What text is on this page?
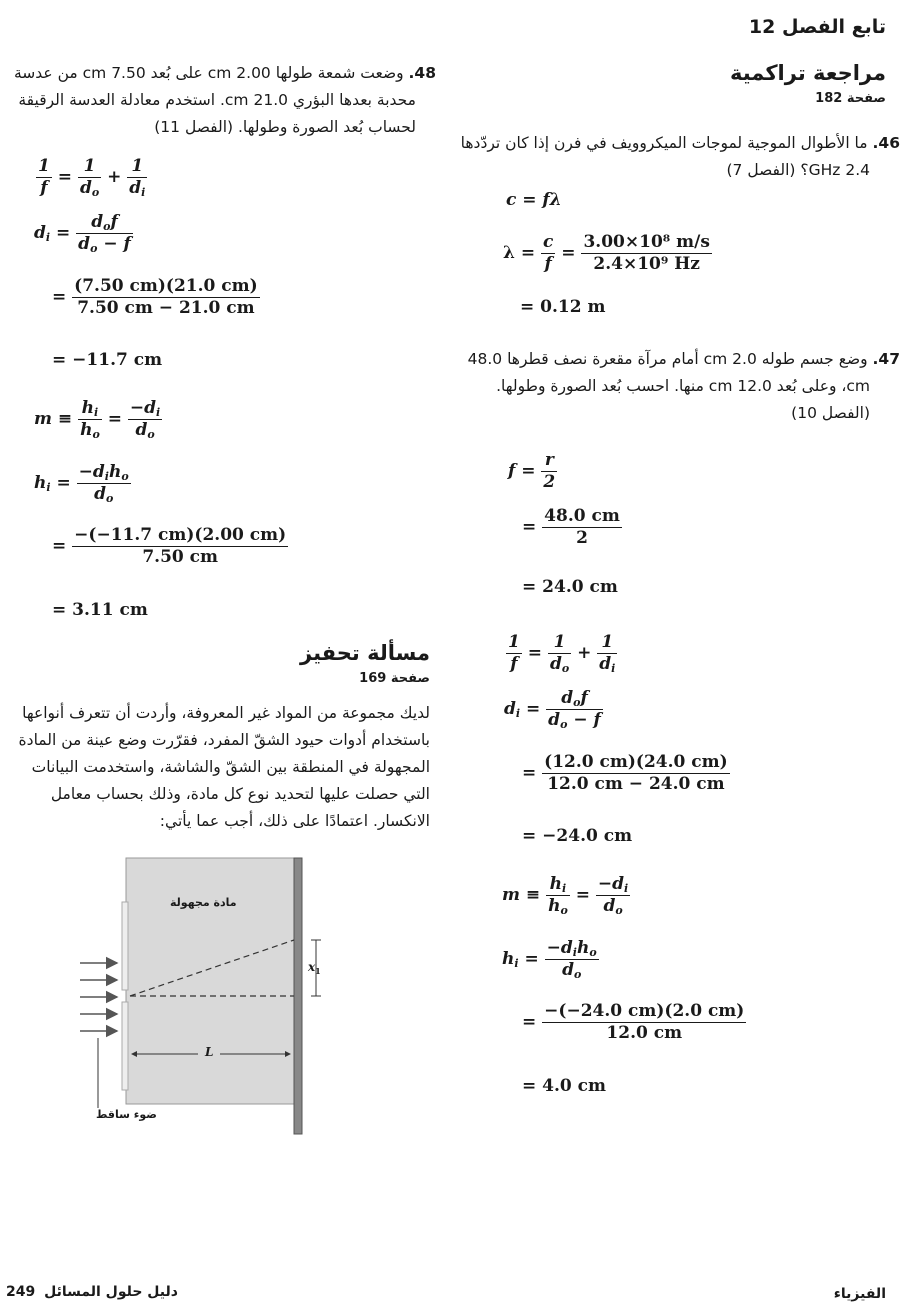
تابع الفصل 12
مراجعة تراكمية
صفحة 182
46. ما الأطوال الموجية لموجات الميكروويف في فرن إذا كان تردّدها 2.4 GHz؟ (الفصل 7)
c = fλ
$\lambda = \frac{c}{f} = \frac{\text{3.00×10⁸ m/s}}{\text{2.4×10⁹ Hz}}$
= 0.12 m
47. وضع جسم طوله 2.0 cm أمام مرآة مقعرة نصف قطرها 48.0 cm، وعلى بُعد 12.0 cm منها. احسب بُعد الصورة وطولها. (الفصل 10)
$f = \frac{r}{2}$
= $\frac{48.0 cm}{2}$
= 24.0 cm
$\frac{1}{f} = \frac{1}{d_o} + \frac{1}{d_i}$
$d_i$ =
$d_of$
$d_o - f$
= $\frac{(12.0 cm)(24.0 cm)}{12.0 cm - 24.0 cm}$
= −24.0 cm
$m \equiv \frac{h_i}{h_o} = \frac{-d_i}{d_o}$
$h_i$ =
$-d_ih_o$
$d_o$
= $\frac{-(-24.0 cm)(2.0 cm)}{12.0 cm}$
= 4.0 cm
48. وضعت شمعة طولها 2.00 cm على بُعد 7.50 cm من عدسة محدبة بعدها البؤري 21.0 cm. استخدم معادلة العدسة الرقيقة لحساب بُعد الصورة وطولها. (الفصل 11)
$\frac{1}{f} = \frac{1}{d_o} + \frac{1}{d_i}$
$d_i$ =
$d_of$
$d_o - f$
= $\frac{(7.50 cm)(21.0 cm)}{7.50 cm - 21.0 cm}$
= −11.7 cm
$m \equiv \frac{h_i}{h_o} = \frac{-d_i}{d_o}$
$h_i$ =
$-d_ih_o$
$d_o$
= $\frac{-(-11.7 cm)(2.00 cm)}{7.50 cm}$
= 3.11 cm
مسألة تحفيز
صفحة 169
لديك مجموعة من المواد غير المعروفة، وأردت أن تتعرف أنواعها باستخدام أدوات حيود الشقّ المفرد، فقرّرت وضع عينة من المادة المجهولة في المنطقة بين الشقّ والشاشة، واستخدمت البيانات التي حصلت عليها لتحديد نوع كل مادة، وذلك بحساب معامل الانكسار. اعتمادًا على ذلك، أجب عما يأتي:
مادة مجهولة
ضوء ساقط
L
$x_1$
249 دليل حلول المسائل	الفيزياء
